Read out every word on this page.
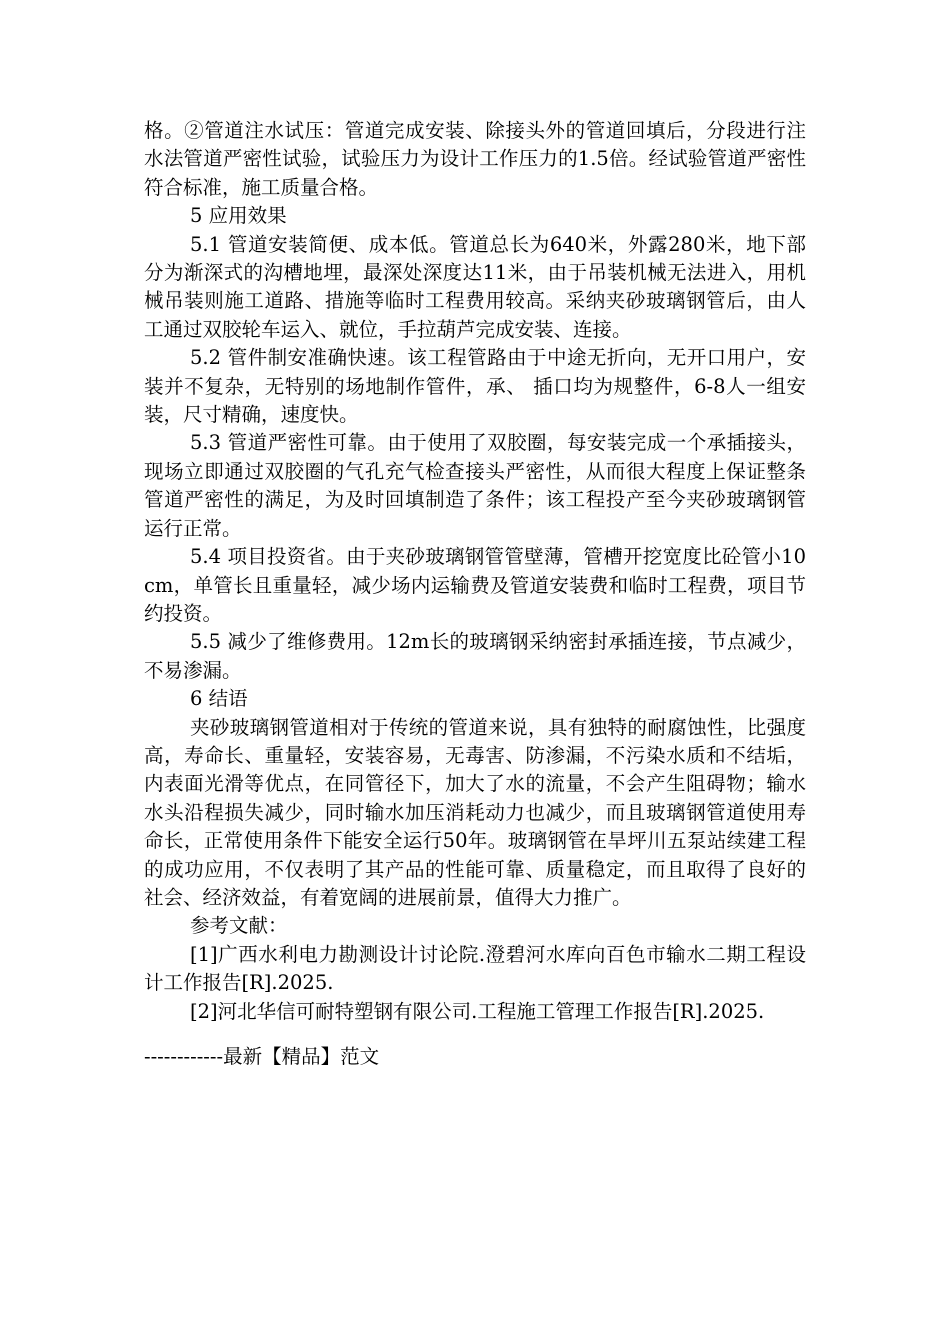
格。②管道注水试压：管道完成安装、除接头外的管道回填后，分段进行注水法管道严密性试验，试验压力为设计工作压力的1.5倍。经试验管道严密性符合标准，施工质量合格。

5 应用效果

5.1 管道安装简便、成本低。管道总长为640米，外露280米，地下部分为渐深式的沟槽地埋，最深处深度达11米，由于吊装机械无法进入，用机械吊装则施工道路、措施等临时工程费用较高。采纳夹砂玻璃钢管后，由人工通过双胶轮车运入、就位，手拉葫芦完成安装、连接。

5.2 管件制安准确快速。该工程管路由于中途无折向，无开口用户，安装并不复杂，无特别的场地制作管件，承、 插口均为规整件，6-8人一组安装，尺寸精确，速度快。

5.3 管道严密性可靠。由于使用了双胶圈，每安装完成一个承插接头，现场立即通过双胶圈的气孔充气检查接头严密性，从而很大程度上保证整条管道严密性的满足，为及时回填制造了条件；该工程投产至今夹砂玻璃钢管运行正常。

5.4 项目投资省。由于夹砂玻璃钢管管壁薄，管槽开挖宽度比砼管小10cm，单管长且重量轻，减少场内运输费及管道安装费和临时工程费，项目节约投资。

5.5 减少了维修费用。12m长的玻璃钢采纳密封承插连接，节点减少，不易渗漏。

6 结语

夹砂玻璃钢管道相对于传统的管道来说，具有独特的耐腐蚀性，比强度高，寿命长、重量轻，安装容易，无毒害、防渗漏，不污染水质和不结垢，内表面光滑等优点，在同管径下，加大了水的流量，不会产生阻碍物；输水水头沿程损失减少，同时输水加压消耗动力也减少，而且玻璃钢管道使用寿命长，正常使用条件下能安全运行50年。玻璃钢管在旱坪川五泵站续建工程的成功应用，不仅表明了其产品的性能可靠、质量稳定，而且取得了良好的社会、经济效益，有着宽阔的进展前景，值得大力推广。

参考文献：

[1]广西水利电力勘测设计讨论院.澄碧河水库向百色市输水二期工程设计工作报告[R].2025.

[2]河北华信可耐特塑钢有限公司.工程施工管理工作报告[R].2025.

------------最新【精品】范文
